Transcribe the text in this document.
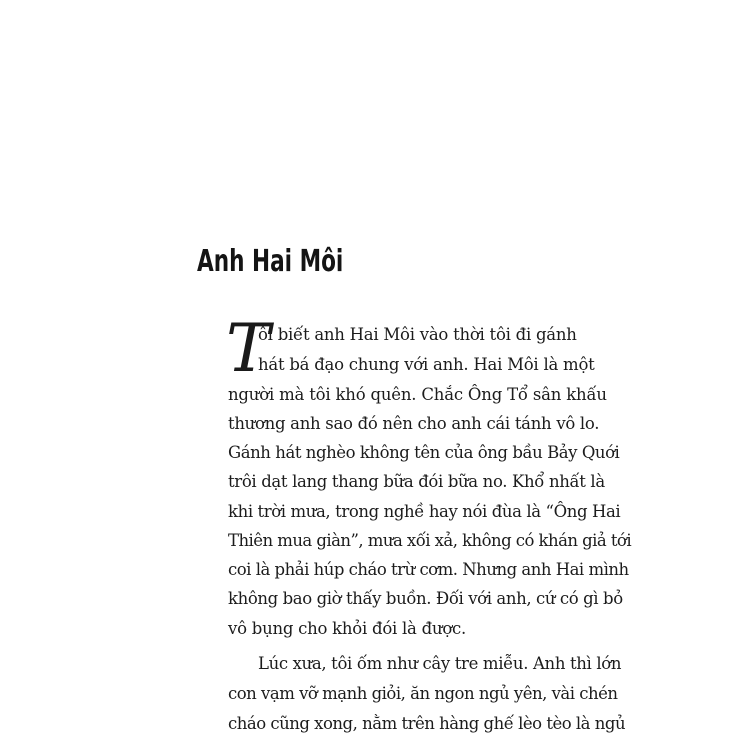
Anh Hai Môi
T

ôi biết anh Hai Môi vào thời tôi đi gánh

hát bá đạo chung với anh. Hai Môi là một

người mà tôi khó quên. Chắc Ông Tổ sân khấu

thương anh sao đó nên cho anh cái tánh vô lo.

Gánh hát nghèo không tên của ông bầu Bảy Quới

trôi dạt lang thang bữa đói bữa no. Khổ nhất là

khi trời mưa, trong nghề hay nói đùa là “Ông Hai

Thiên mua giàn”, mưa xối xả, không có khán giả tới

coi là phải húp cháo trừ cơm. Nhưng anh Hai mình

không bao giờ thấy buồn. Đối với anh, cứ có gì bỏ

vô bụng cho khỏi đói là được.

Lúc xưa, tôi ốm như cây tre miễu. Anh thì lớn

con vạm vỡ mạnh giỏi, ăn ngon ngủ yên, vài chén

cháo cũng xong, nằm trên hàng ghế lèo tèo là ngủ
